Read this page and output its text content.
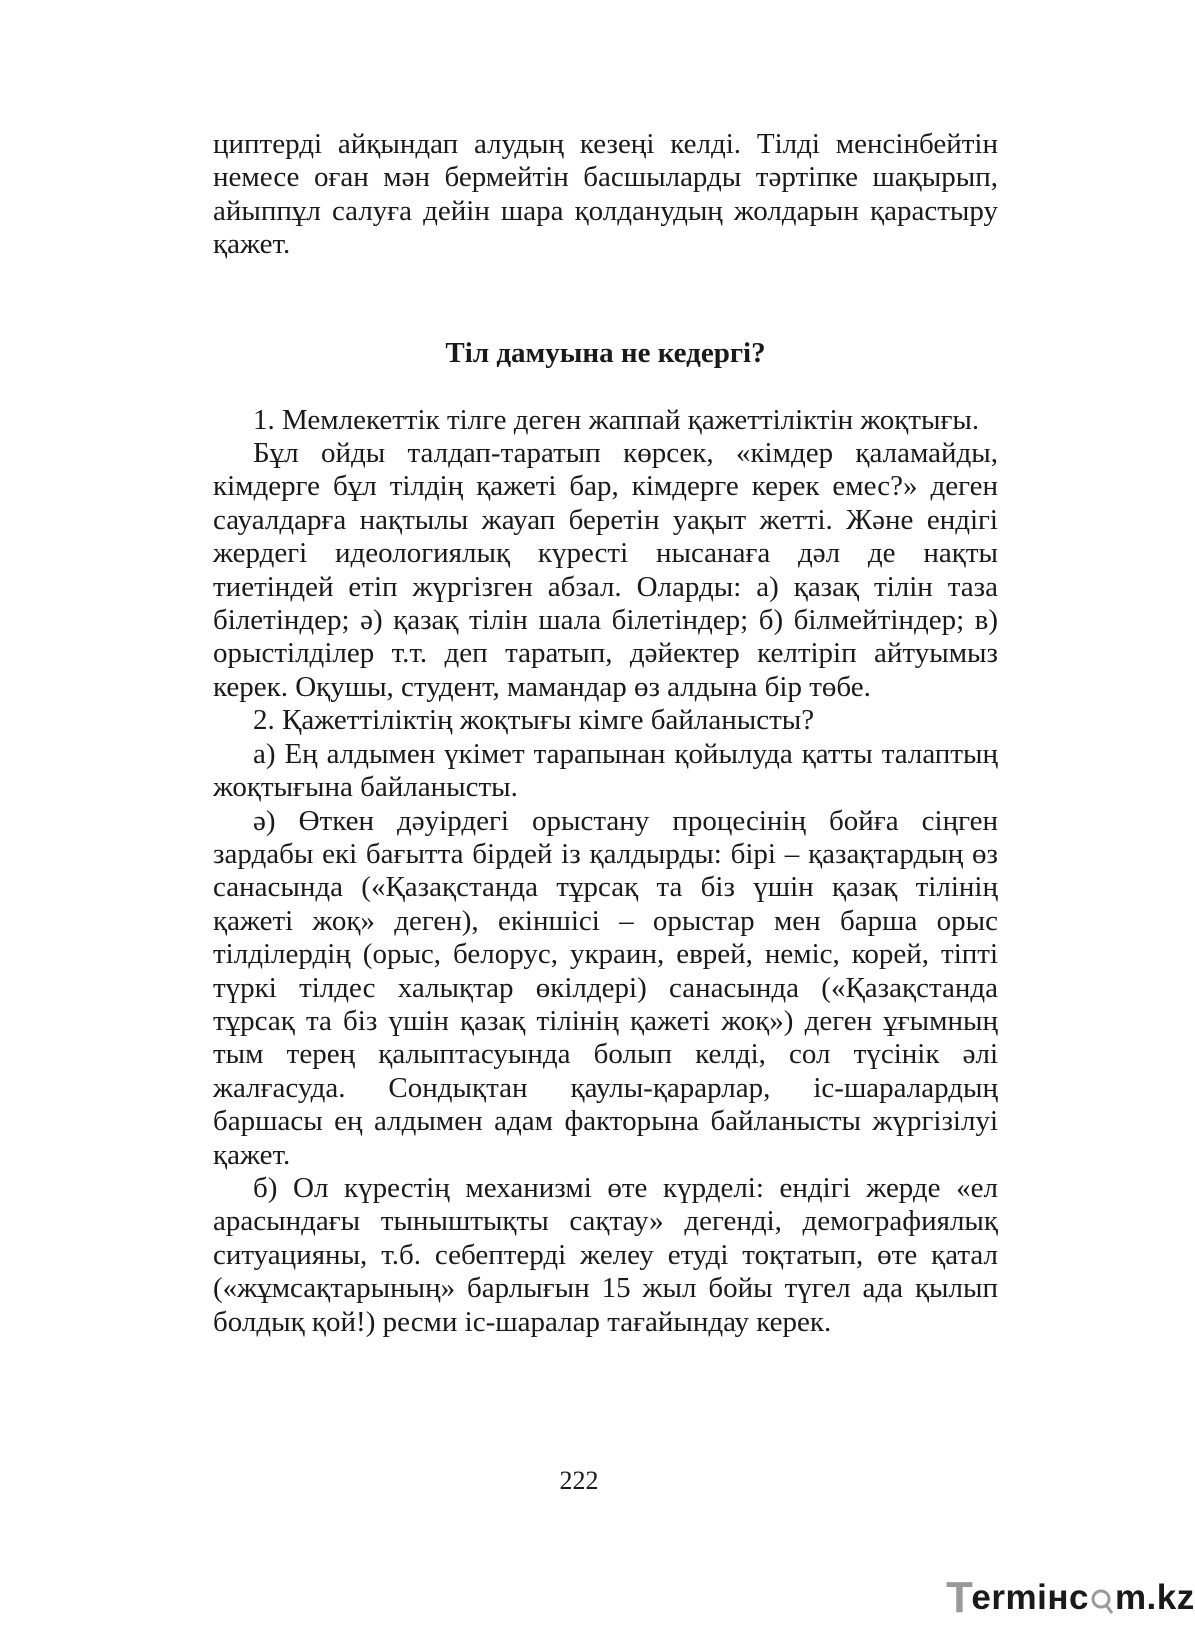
циптерді айқындап алудың кезеңі келді. Тілді менсінбейтін немесе оған мән бермейтін басшыларды тәртіпке шақырып, айыппұл салуға дейін шара қолданудың жолдарын қарастыру қажет.

Тіл дамуына не кедергі?

1. Мемлекеттік тілге деген жаппай қажеттіліктін жоқтығы.

Бұл ойды талдап-таратып көрсек, «кімдер қаламайды, кімдерге бұл тілдің қажеті бар, кімдерге керек емес?» деген сауалдарға нақтылы жауап беретін уақыт жетті. Және ендігі жердегі идеологиялық күресті нысанаға дәл де нақты тиетіндей етіп жүргізген абзал. Оларды: а) қазақ тілін таза білетіндер; ә) қазақ тілін шала білетіндер; б) білмейтіндер; в) орыстілділер т.т. деп таратып, дәйектер келтіріп айтуымыз керек. Оқушы, студент, мамандар өз алдына бір төбе.

2. Қажеттіліктің жоқтығы кімге байланысты?

а) Ең алдымен үкімет тарапынан қойылуда қатты талаптың жоқтығына байланысты.

ә) Өткен дәуірдегі орыстану процесінің бойға сіңген зардабы екі бағытта бірдей із қалдырды: бірі – қазақтардың өз санасында («Қазақстанда тұрсақ та біз үшін қазақ тілінің қажеті жоқ» деген), екіншісі – орыстар мен барша орыс тілділердің (орыс, белорус, украин, еврей, неміс, корей, тіпті түркі тілдес халықтар өкілдері) санасында («Қазақстанда тұрсақ та біз үшін қазақ тілінің қажеті жоқ») деген ұғымның тым терең қалыптасуында болып келді, сол түсінік әлі жалғасуда. Сондықтан қаулы-қарарлар, іс-шаралардың баршасы ең алдымен адам факторына байланысты жүргізілуі қажет.

б) Ол күрестің механизмі өте күрделі: ендігі жерде «ел арасындағы тыныштықты сақтау» дегенді, демографиялық ситуацияны, т.б. себептерді желеу етуді тоқтатып, өте қатал («жұмсақтарының» барлығын 15 жыл бойы түгел ада қылып болдық қой!) ресми іс-шаралар тағайындау керек.

222
T
ermінc m.kz
